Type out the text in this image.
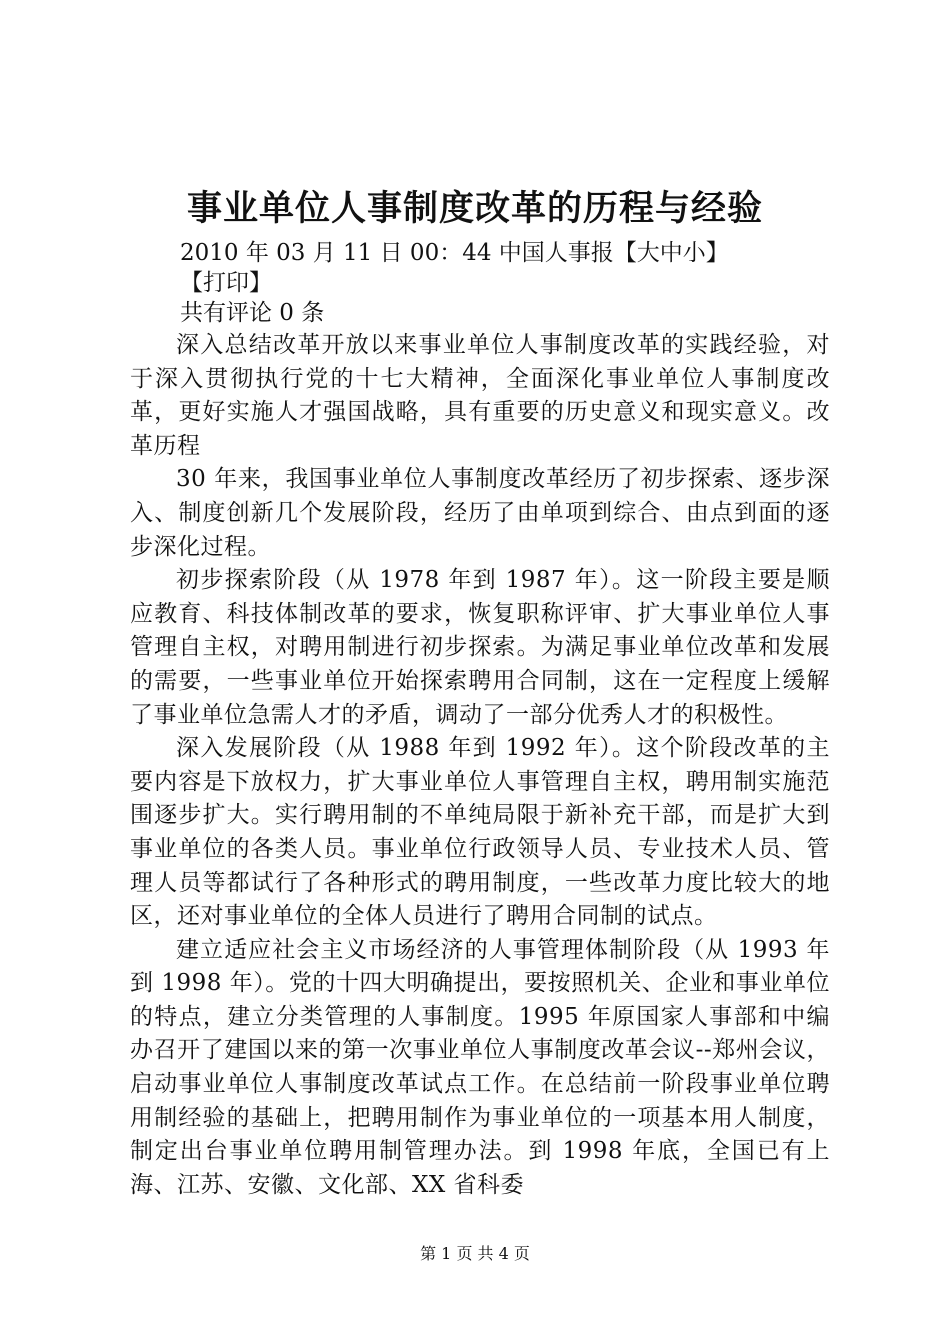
事业单位人事制度改革的历程与经验
2010 年 03 月 11 日 00：44 中国人事报【大中小】
【打印】
共有评论 0 条

深入总结改革开放以来事业单位人事制度改革的实践经验，对于深入贯彻执行党的十七大精神，全面深化事业单位人事制度改革，更好实施人才强国战略，具有重要的历史意义和现实意义。改革历程

30 年来，我国事业单位人事制度改革经历了初步探索、逐步深入、制度创新几个发展阶段，经历了由单项到综合、由点到面的逐步深化过程。

初步探索阶段（从 1978 年到 1987 年）。这一阶段主要是顺应教育、科技体制改革的要求，恢复职称评审、扩大事业单位人事管理自主权，对聘用制进行初步探索。为满足事业单位改革和发展的需要，一些事业单位开始探索聘用合同制，这在一定程度上缓解了事业单位急需人才的矛盾，调动了一部分优秀人才的积极性。

深入发展阶段（从 1988 年到 1992 年）。这个阶段改革的主要内容是下放权力，扩大事业单位人事管理自主权，聘用制实施范围逐步扩大。实行聘用制的不单纯局限于新补充干部，而是扩大到事业单位的各类人员。事业单位行政领导人员、专业技术人员、管理人员等都试行了各种形式的聘用制度，一些改革力度比较大的地区，还对事业单位的全体人员进行了聘用合同制的试点。

建立适应社会主义市场经济的人事管理体制阶段（从 1993 年到 1998 年）。党的十四大明确提出，要按照机关、企业和事业单位的特点，建立分类管理的人事制度。1995 年原国家人事部和中编办召开了建国以来的第一次事业单位人事制度改革会议--郑州会议，启动事业单位人事制度改革试点工作。在总结前一阶段事业单位聘用制经验的基础上，把聘用制作为事业单位的一项基本用人制度，制定出台事业单位聘用制管理办法。到 1998 年底，全国已有上海、江苏、安徽、文化部、XX 省科委

第 1 页 共 4 页
